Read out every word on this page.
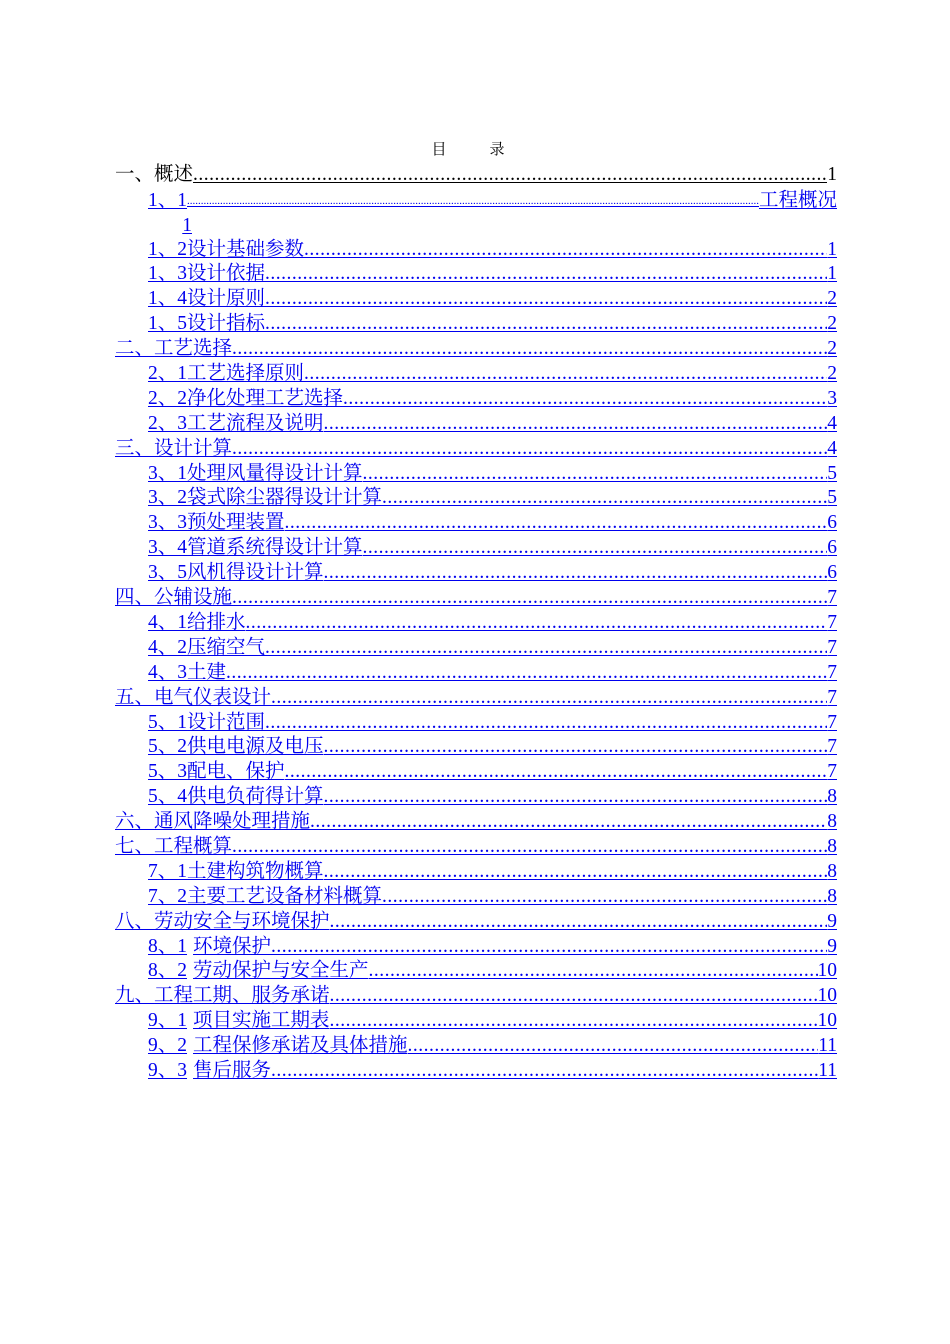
目　录
一、 概述 .....	1
1、1 .....	工程概况
1
1、2 设计基础参数 .....	1
1、3 设计依据 .....	1
1、4 设计原则 .....	2
1、5 设计指标 .....	2
二、 工艺选择 .....	2
2、1 工艺选择原则 .....	2
2、2 净化处理工艺选择 .....	3
2、3 工艺流程及说明 .....	4
三、 设计计算 .....	4
3、1 处理风量得设计计算 .....	5
3、2 袋式除尘器得设计计算 .....	5
3、3 预处理装置 .....	6
3、4 管道系统得设计计算 .....	6
3、5 风机得设计计算 .....	6
四、 公辅设施 .....	7
4、1 给排水 .....	7
4、2 压缩空气 .....	7
4、3 土建 .....	7
五、 电气仪表设计 .....	7
5、1 设计范围 .....	7
5、2 供电电源及电压 .....	7
5、3 配电、保护 .....	7
5、4 供电负荷得计算 .....	8
六、 通风降噪处理措施 .....	8
七、 工程概算 .....	8
7、1 土建构筑物概算 .....	8
7、2 主要工艺设备材料概算 .....	8
八、 劳动安全与环境保护 .....	9
8、1 环境保护 .....	9
8、2 劳动保护与安全生产 .....	10
九、 工程工期、服务承诺 .....	10
9、1 项目实施工期表 .....	10
9、2 工程保修承诺及具体措施 .....	11
9、3 售后服务 .....	11
